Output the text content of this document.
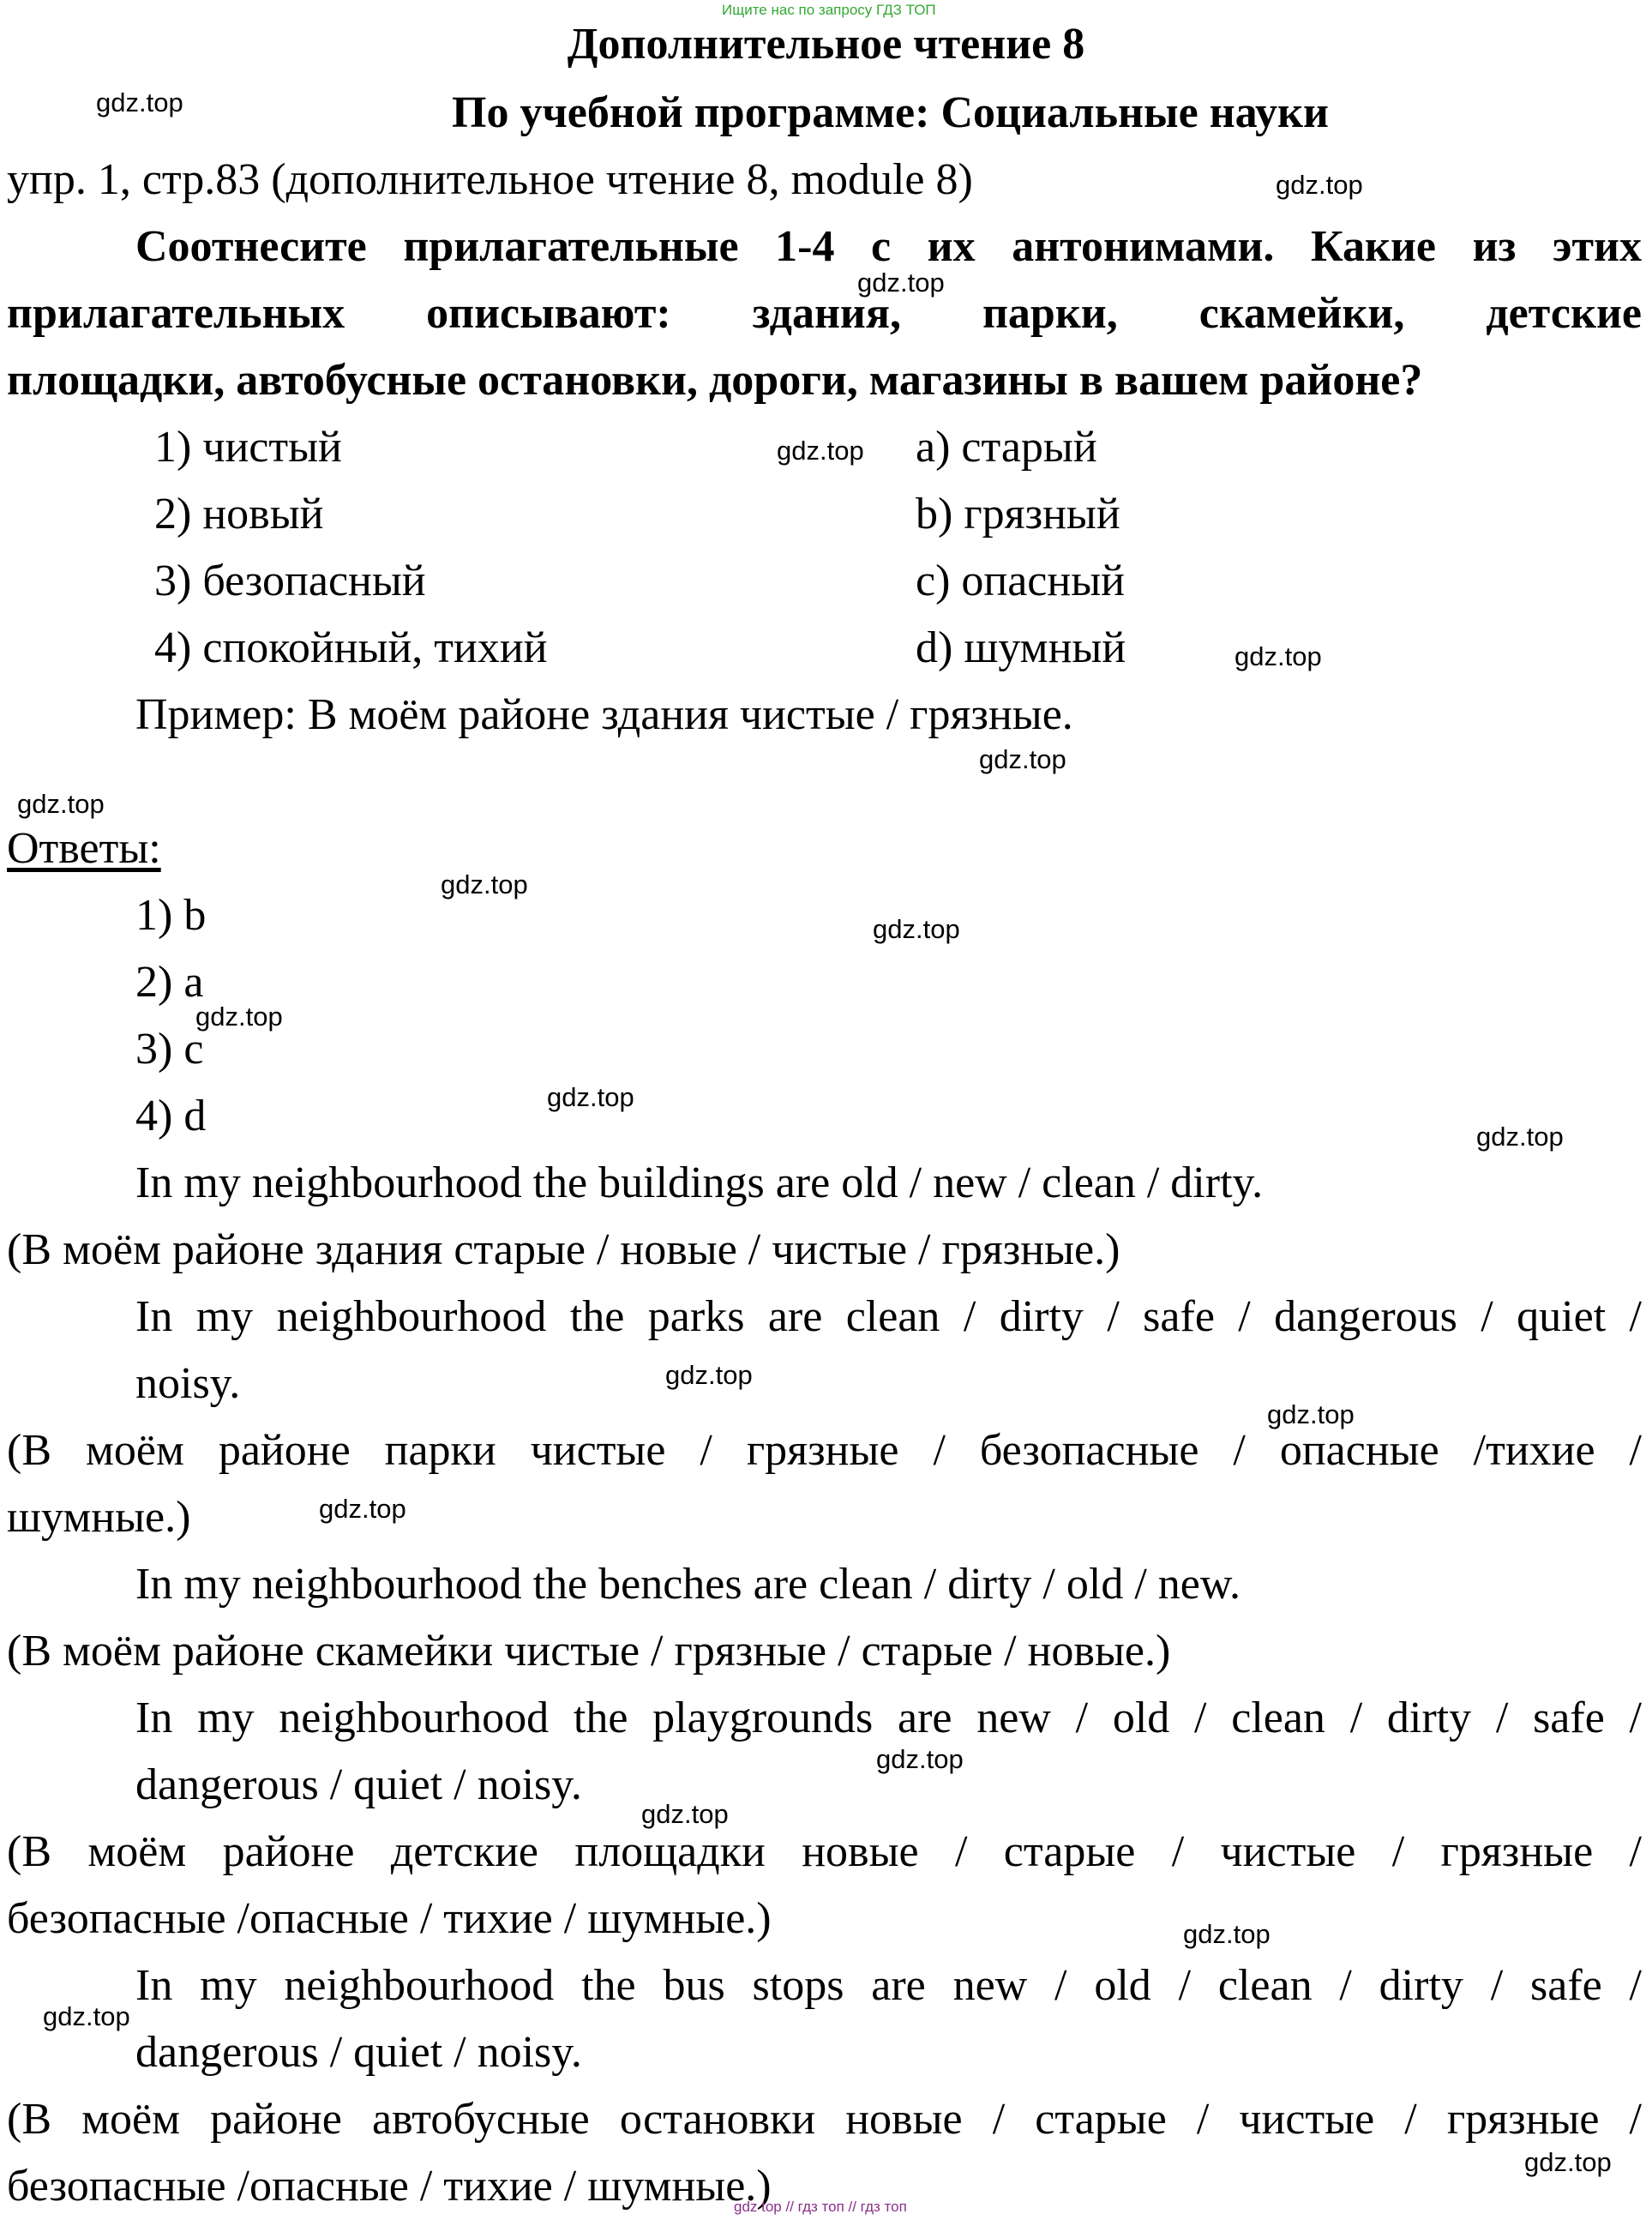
Ищите нас по запросу ГДЗ ТОП
Дополнительное чтение 8
По учебной программе: Социальные науки
упр. 1, стр.83 (дополнительное чтение 8, module 8)
Соотнесите прилагательные 1-4 с их антонимами. Какие из этих
прилагательных описывают: здания, парки, скамейки, детские
площадки, автобусные остановки, дороги, магазины в вашем районе?
1) чистый	a) старый
2) новый	b) грязный
3) безопасный	c) опасный
4) спокойный, тихий	d) шумный
Пример: В моём районе здания чистые / грязные.
Ответы:
1) b
2) a
3) c
4) d
In my neighbourhood the buildings are old / new / clean / dirty.
(В моём районе здания старые / новые / чистые / грязные.)
In my neighbourhood the parks are clean / dirty / safe / dangerous / quiet /
noisy.
(В моём районе парки чистые / грязные / безопасные / опасные /тихие /
шумные.)
In my neighbourhood the benches are clean / dirty / old / new.
(В моём районе скамейки чистые / грязные / старые / новые.)
In my neighbourhood the playgrounds are new / old / clean / dirty / safe /
dangerous / quiet / noisy.
(В моём районе детские площадки новые / старые / чистые / грязные /
безопасные /опасные / тихие / шумные.)
In my neighbourhood the bus stops are new / old / clean / dirty / safe /
dangerous / quiet / noisy.
(В моём районе автобусные остановки новые / старые / чистые / грязные /
безопасные /опасные / тихие / шумные.)
gdz.top
gdz.top
gdz.top
gdz.top
gdz.top
gdz.top
gdz.top
gdz.top
gdz.top
gdz.top
gdz.top
gdz.top
gdz.top
gdz.top
gdz.top
gdz.top
gdz.top
gdz.top
gdz.top
gdz.top
gdz top // гдз топ // гдз топ
